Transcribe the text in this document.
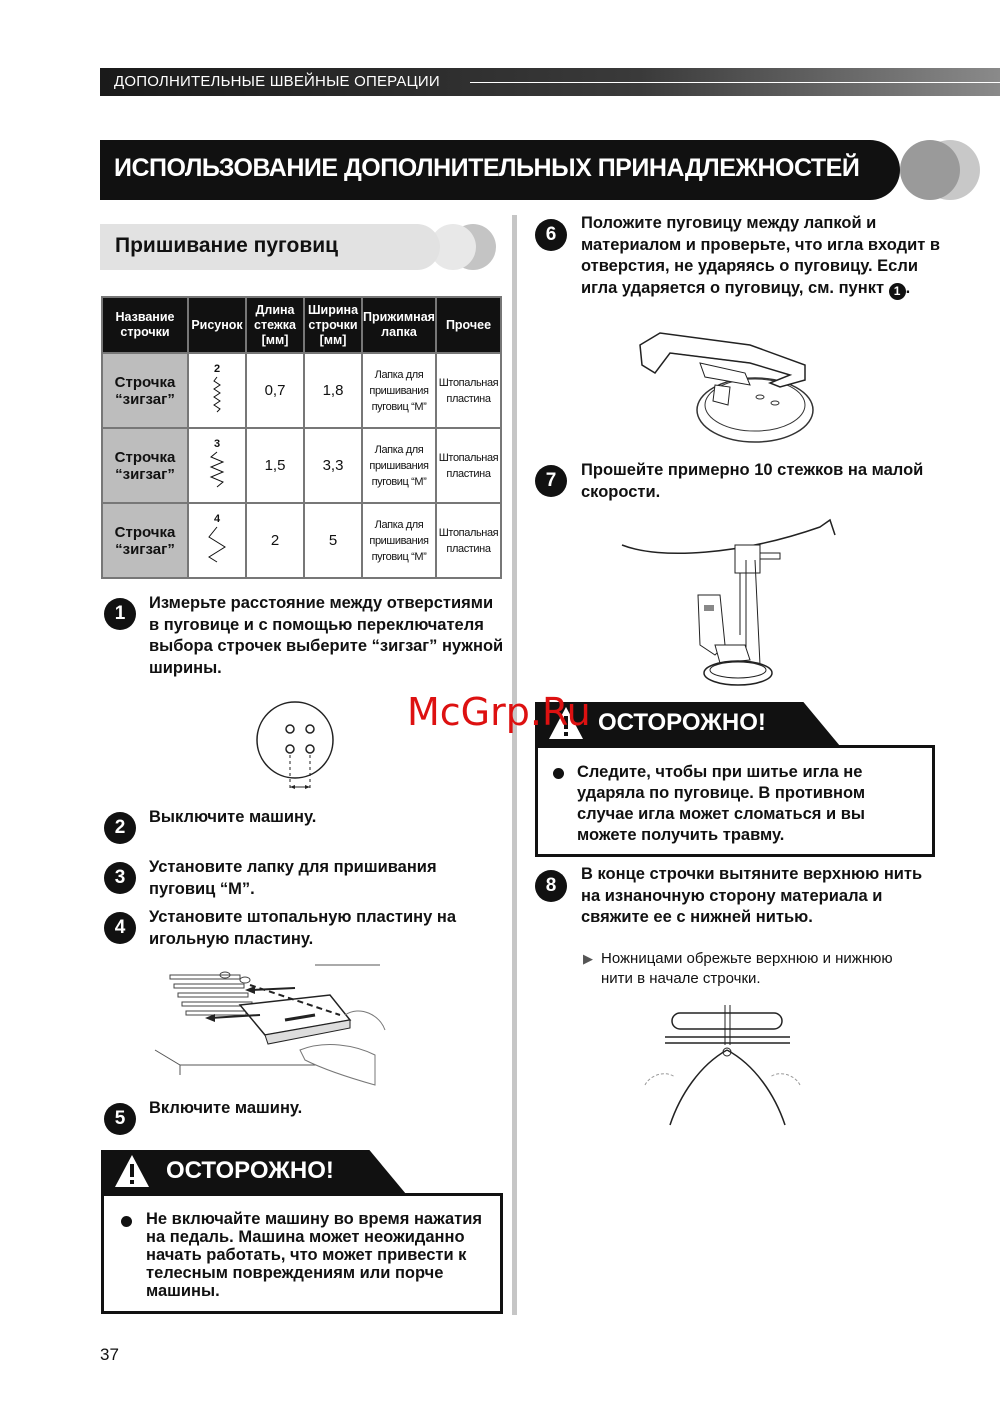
ДОПОЛНИТЕЛЬНЫЕ ШВЕЙНЫЕ ОПЕРАЦИИ
ИСПОЛЬЗОВАНИЕ ДОПОЛНИТЕЛЬНЫХ ПРИНАДЛЕЖНОСТЕЙ
Пришивание пуговиц
Название строчки	Рисунок	Длина стежка [мм]	Ширина строчки [мм]	Прижимная лапка	Прочее
Строчка “зигзаг”	2	0,7	1,8	Лапка для пришивания пуговиц “M”	Штопальная пластина
Строчка “зигзаг”	3	1,5	3,3	Лапка для пришивания пуговиц “M”	Штопальная пластина
Строчка “зигзаг”	4	2	5	Лапка для пришивания пуговиц “M”	Штопальная пластина
1	Измерьте расстояние между отверстиями в пуговице и с помощью переключателя выбора строчек выберите “зигзаг” нужной ширины.
2	Выключите машину.
3	Установите лапку для пришивания пуговиц “M”.
4	Установите штопальную пластину на игольную пластину.
5	Включите машину.
ОСТОРОЖНО!
Не включайте машину во время нажатия на педаль. Машина может неожиданно начать работать, что может привести к телесным повреждениям или порче машины.
6
Положите пуговицу между лапкой и материалом и проверьте, что игла входит в отверстия, не ударяясь о пуговицу. Если игла ударяется о пуговицу, см. пункт 1 .
7	Прошейте примерно 10 стежков на малой скорости.
ОСТОРОЖНО!
Следите, чтобы при шитье игла не ударяла по пуговице. В противном случае игла может сломаться и вы можете получить травму.
8
В конце строчки вытяните верхнюю нить на изнаночную сторону материала и свяжите ее с нижней нитью.
▶ Ножницами обрежьте верхнюю и нижнюю нити в начале строчки.
McGrp.Ru
37
